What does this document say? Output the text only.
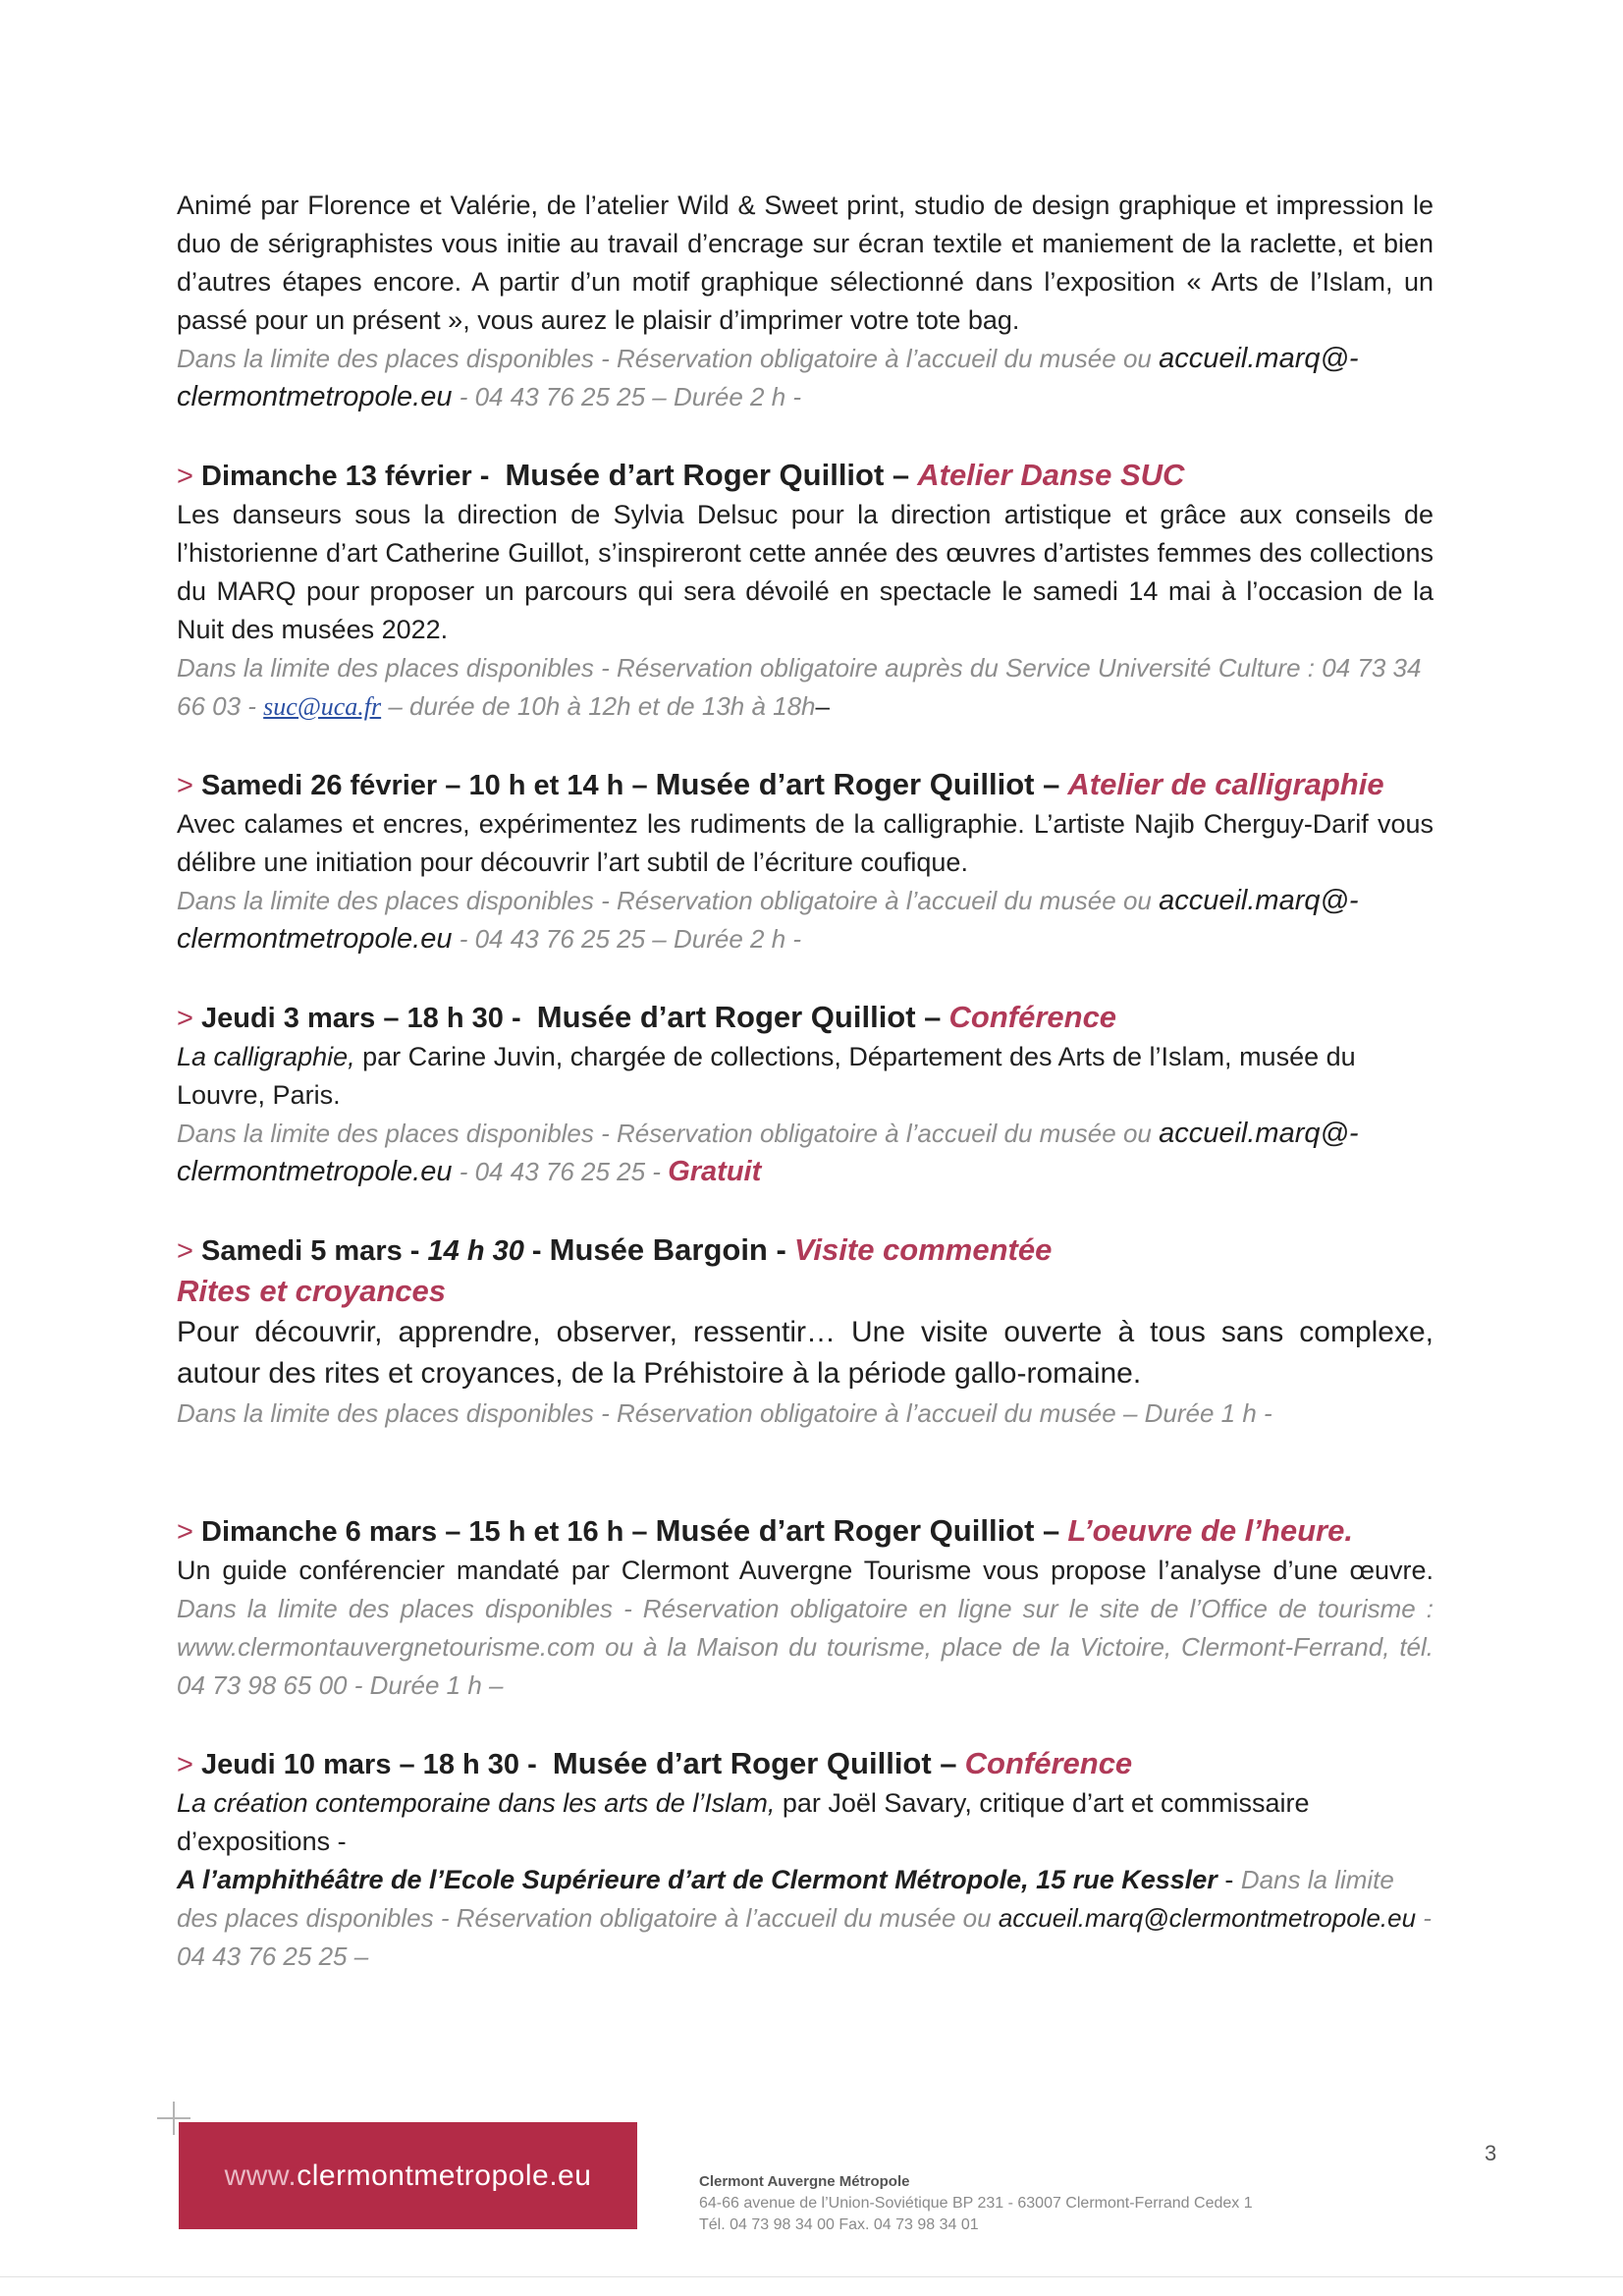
Animé par Florence et Valérie, de l’atelier Wild & Sweet print, studio de design graphique et impression le duo de sérigraphistes vous initie au travail d’encrage sur écran textile et maniement de la raclette, et bien d’autres étapes encore. A partir d’un motif graphique sélectionné dans l’exposition « Arts de l’Islam, un passé pour un présent », vous aurez le plaisir d’imprimer votre tote bag.

Dans la limite des places disponibles - Réservation obligatoire à l’accueil du musée ou accueil.marq@-clermontmetropole.eu - 04 43 76 25 25 – Durée 2 h -

> Dimanche 13 février - Musée d’art Roger Quilliot – Atelier Danse SUC

Les danseurs sous la direction de Sylvia Delsuc pour la direction artistique et grâce aux conseils de l’historienne d’art Catherine Guillot, s’inspireront cette année des œuvres d’artistes femmes des collections du MARQ pour proposer un parcours qui sera dévoilé en spectacle le samedi 14 mai à l’occasion de la Nuit des musées 2022.

Dans la limite des places disponibles - Réservation obligatoire auprès du Service Université Culture : 04 73 34 66 03 - suc@uca.fr – durée de 10h à 12h et de 13h à 18h–

> Samedi 26 février – 10 h et 14 h – Musée d’art Roger Quilliot – Atelier de calligraphie

Avec calames et encres, expérimentez les rudiments de la calligraphie. L’artiste Najib Cherguy-Darif vous délibre une initiation pour découvrir l’art subtil de l’écriture coufique.

Dans la limite des places disponibles - Réservation obligatoire à l’accueil du musée ou accueil.marq@-clermontmetropole.eu - 04 43 76 25 25 – Durée 2 h -

> Jeudi 3 mars – 18 h 30 - Musée d’art Roger Quilliot – Conférence

La calligraphie, par Carine Juvin, chargée de collections, Département des Arts de l’Islam, musée du Louvre, Paris.

Dans la limite des places disponibles - Réservation obligatoire à l’accueil du musée ou accueil.marq@-clermontmetropole.eu - 04 43 76 25 25 - Gratuit

> Samedi 5 mars - 14 h 30 - Musée Bargoin - Visite commentée

Rites et croyances

Pour découvrir, apprendre, observer, ressentir… Une visite ouverte à tous sans complexe, autour des rites et croyances, de la Préhistoire à la période gallo-romaine.

Dans la limite des places disponibles - Réservation obligatoire à l’accueil du musée – Durée 1 h -

> Dimanche 6 mars – 15 h et 16 h – Musée d’art Roger Quilliot – L’oeuvre de l’heure.

Un guide conférencier mandaté par Clermont Auvergne Tourisme vous propose l’analyse d’une œuvre. Dans la limite des places disponibles - Réservation obligatoire en ligne sur le site de l’Office de tourisme : www.clermontauvergnetourisme.com ou à la Maison du tourisme, place de la Victoire, Clermont-Ferrand, tél. 04 73 98 65 00 - Durée 1 h –

> Jeudi 10 mars – 18 h 30 - Musée d’art Roger Quilliot – Conférence

La création contemporaine dans les arts de l’Islam, par Joël Savary, critique d’art et commissaire d’expositions -

A l’amphithéâtre de l’Ecole Supérieure d’art de Clermont Métropole, 15 rue Kessler - Dans la limite des places disponibles - Réservation obligatoire à l’accueil du musée ou accueil.marq@clermontmetropole.eu - 04 43 76 25 25 –

www. clermontmetropole.eu	Clermont Auvergne Métropole
64-66 avenue de l’Union-Soviétique BP 231 - 63007 Clermont-Ferrand Cedex 1
Tél. 04 73 98 34 00 Fax. 04 73 98 34 01
3
